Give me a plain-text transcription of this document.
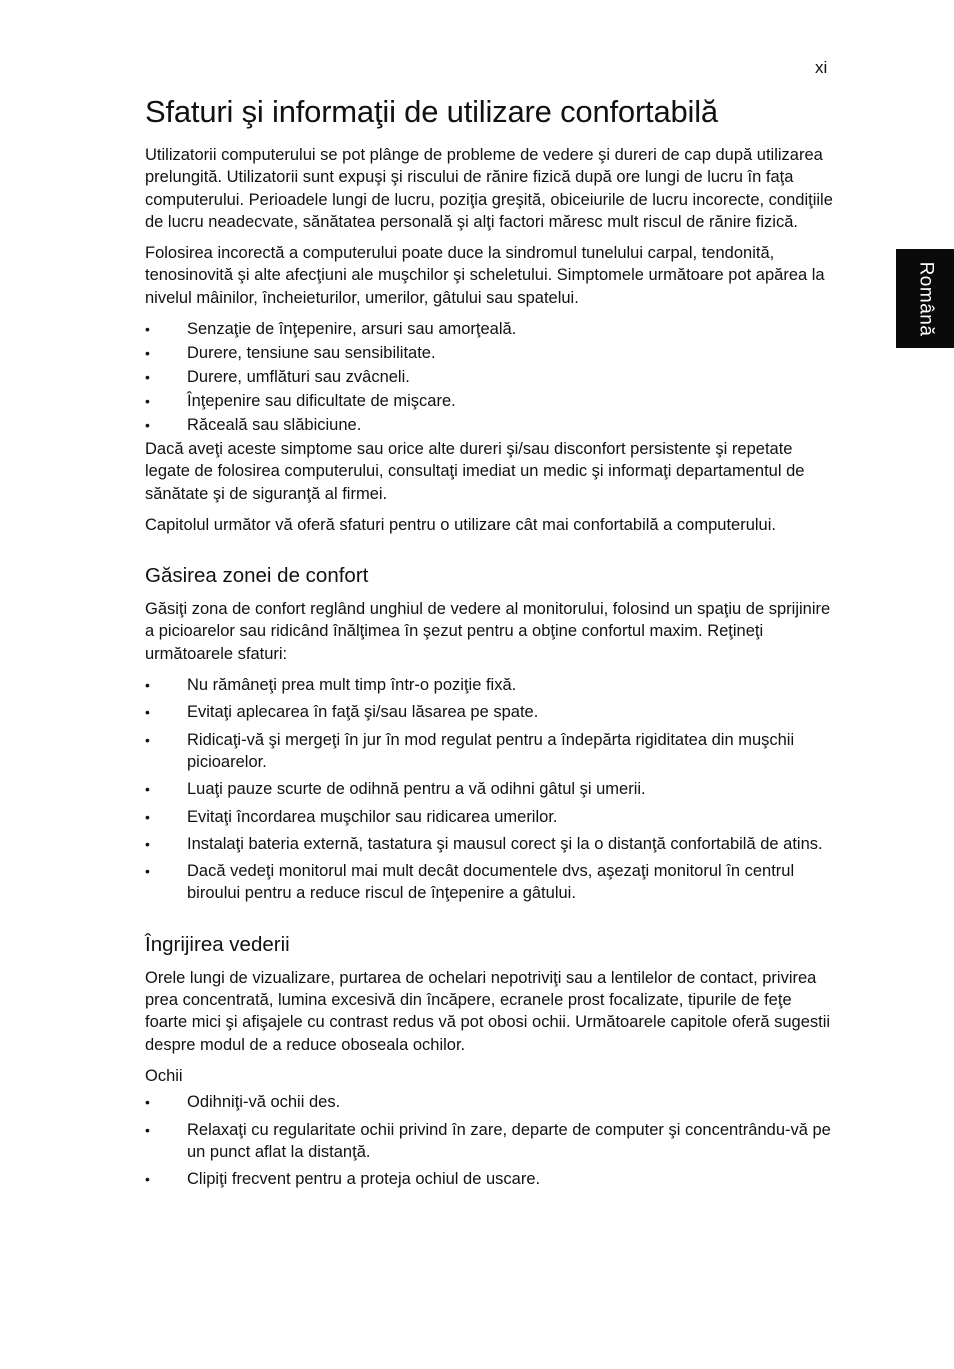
xi
Română
Sfaturi şi informaţii de utilizare confortabilă

Utilizatorii computerului se pot plânge de probleme de vedere şi dureri de cap după utilizarea prelungită. Utilizatorii sunt expuşi şi riscului de rănire fizică după ore lungi de lucru în faţa computerului. Perioadele lungi de lucru, poziţia greşită, obiceiurile de lucru incorecte, condiţiile de lucru neadecvate, sănătatea personală şi alţi factori măresc mult riscul de rănire fizică.

Folosirea incorectă a computerului poate duce la sindromul tunelului carpal, tendonită, tenosinovită şi alte afecţiuni ale muşchilor şi scheletului. Simptomele următoare pot apărea la nivelul mâinilor, încheieturilor, umerilor, gâtului sau spatelui.

• Senzaţie de înţepenire, arsuri sau amorţeală.
• Durere, tensiune sau sensibilitate.
• Durere, umflături sau zvâcneli.
• Înţepenire sau dificultate de mişcare.
• Răceală sau slăbiciune.

Dacă aveţi aceste simptome sau orice alte dureri şi/sau disconfort persistente şi repetate legate de folosirea computerului, consultaţi imediat un medic şi informaţi departamentul de sănătate şi de siguranţă al firmei.

Capitolul următor vă oferă sfaturi pentru o utilizare cât mai confortabilă a computerului.

Găsirea zonei de confort

Găsiţi zona de confort reglând unghiul de vedere al monitorului, folosind un spaţiu de sprijinire a picioarelor sau ridicând înălţimea în şezut pentru a obţine confortul maxim. Reţineţi următoarele sfaturi:

• Nu rămâneţi prea mult timp într-o poziţie fixă.
• Evitaţi aplecarea în faţă şi/sau lăsarea pe spate.
• Ridicaţi-vă şi mergeţi în jur în mod regulat pentru a îndepărta rigiditatea din muşchii picioarelor.
• Luaţi pauze scurte de odihnă pentru a vă odihni gâtul şi umerii.
• Evitaţi încordarea muşchilor sau ridicarea umerilor.
• Instalaţi bateria externă, tastatura şi mausul corect şi la o distanţă confortabilă de atins.
• Dacă vedeţi monitorul mai mult decât documentele dvs, aşezaţi monitorul în centrul biroului pentru a reduce riscul de înţepenire a gâtului.
Îngrijirea vederii

Orele lungi de vizualizare, purtarea de ochelari nepotriviţi sau a lentilelor de contact, privirea prea concentrată, lumina excesivă din încăpere, ecranele prost focalizate, tipurile de feţe foarte mici şi afişajele cu contrast redus vă pot obosi ochii. Următoarele capitole oferă sugestii despre modul de a reduce oboseala ochilor.

Ochii
• Odihniţi-vă ochii des.
• Relaxaţi cu regularitate ochii privind în zare, departe de computer şi concentrându-vă pe un punct aflat la distanţă.
• Clipiţi frecvent pentru a proteja ochiul de uscare.
